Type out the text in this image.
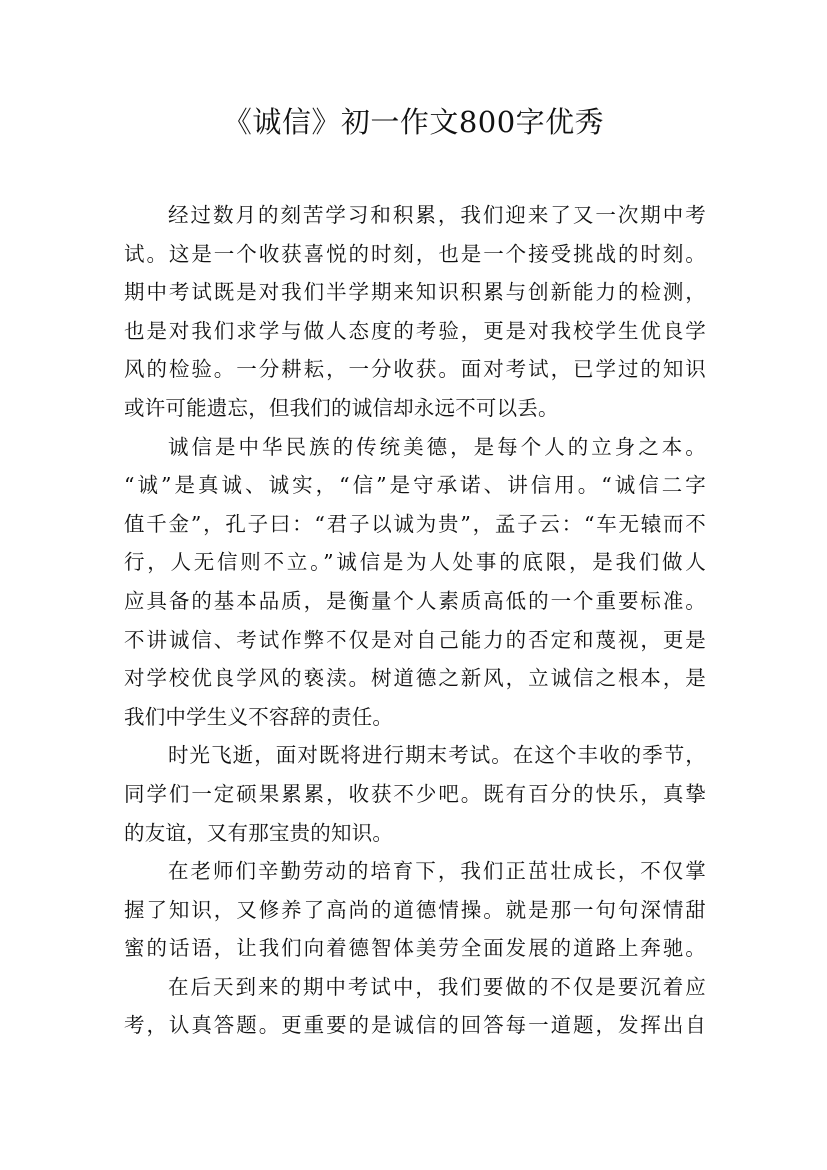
《诚信》初一作文800字优秀
经过数月的刻苦学习和积累，我们迎来了又一次期中考
试。这是一个收获喜悦的时刻，也是一个接受挑战的时刻。
期中考试既是对我们半学期来知识积累与创新能力的检测，
也是对我们求学与做人态度的考验，更是对我校学生优良学
风的检验。一分耕耘，一分收获。面对考试，已学过的知识
或许可能遗忘，但我们的诚信却永远不可以丢。
诚信是中华民族的传统美德，是每个人的立身之本。
“诚”是真诚、诚实，“信”是守承诺、讲信用。“诚信二字
值千金”，孔子曰：“君子以诚为贵”，孟子云：“车无辕而不
行，人无信则不立。”诚信是为人处事的底限，是我们做人
应具备的基本品质，是衡量个人素质高低的一个重要标准。
不讲诚信、考试作弊不仅是对自己能力的否定和蔑视，更是
对学校优良学风的亵渎。树道德之新风，立诚信之根本，是
我们中学生义不容辞的责任。
时光飞逝，面对既将进行期末考试。在这个丰收的季节，
同学们一定硕果累累，收获不少吧。既有百分的快乐，真挚
的友谊，又有那宝贵的知识。
在老师们辛勤劳动的培育下，我们正茁壮成长，不仅掌
握了知识，又修养了高尚的道德情操。就是那一句句深情甜
蜜的话语，让我们向着德智体美劳全面发展的道路上奔驰。
在后天到来的期中考试中，我们要做的不仅是要沉着应
考，认真答题。更重要的是诚信的回答每一道题，发挥出自
